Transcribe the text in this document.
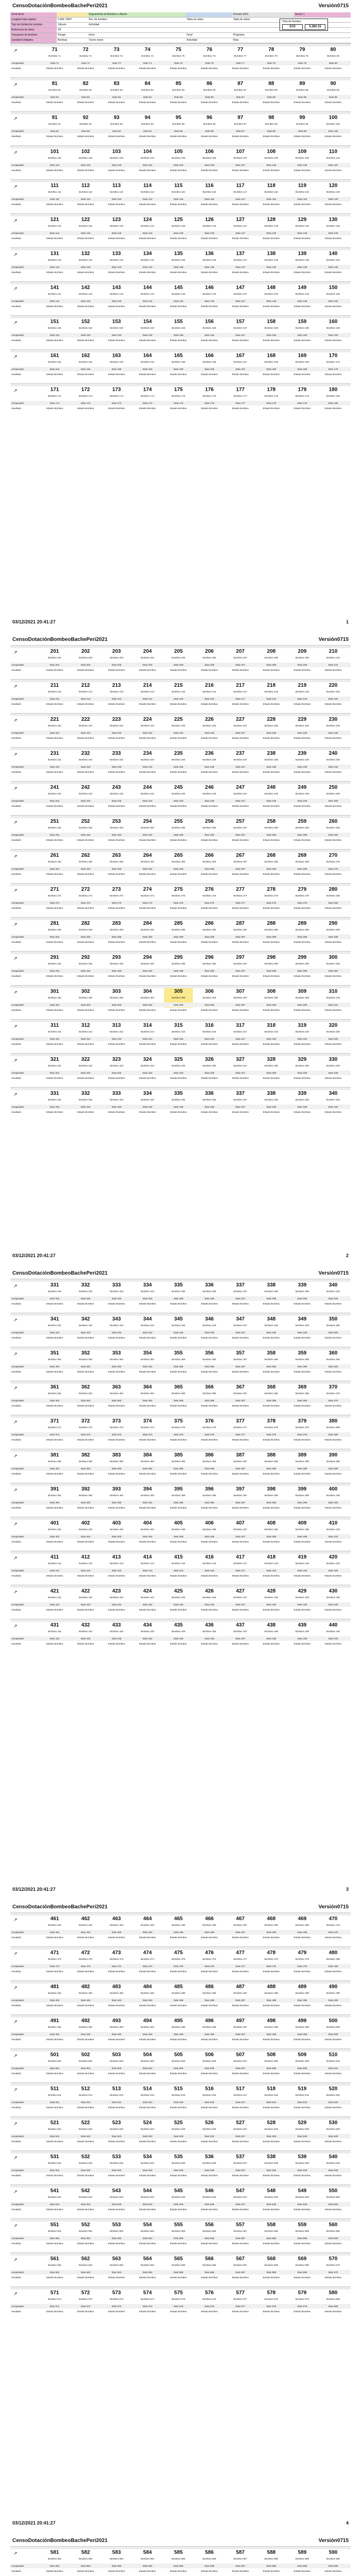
CensoDotaciónBombeoBachePeri2021	Versión0715
Zona Norte	Seguimiento de Bombeo a Bache	Periodo 2021	Sector 1
Longitud total registro	5.464 / 8557	Nro. de bombeo	Tabla de datos	Tabla de datos
Tipo de Unidad de bombeo	Válvula	Actividad
Referencia de datos	SP
Transporte de bombeo	Pasaje	Inicio	Final	Programa
Cantidad Unidades	Bombas	Tramo tramo	Actividad	Ruta
Total de bombeo
2/15	5.382.15
↗
comparador
resultado
71
Bombeo 71
Dato 71
Estado Bombeo
72
Bombeo 72
Dato 72
Estado Bombeo
73
Bombeo 73
Dato 73
Estado Bombeo
74
Bombeo 74
Dato 74
Estado Bombeo
75
Bombeo 75
Dato 75
Estado Bombeo
76
Bombeo 76
Dato 76
Estado Bombeo
77
Bombeo 77
Dato 77
Estado Bombeo
78
Bombeo 78
Dato 78
Estado Bombeo
79
Bombeo 79
Dato 79
Estado Bombeo
80
Bombeo 80
Dato 80
Estado Bombeo
↗
comparador
resultado
81
Bombeo 81
Dato 81
Estado Bombeo
82
Bombeo 82
Dato 82
Estado Bombeo
83
Bombeo 83
Dato 83
Estado Bombeo
84
Bombeo 84
Dato 84
Estado Bombeo
85
Bombeo 85
Dato 85
Estado Bombeo
86
Bombeo 86
Dato 86
Estado Bombeo
87
Bombeo 87
Dato 87
Estado Bombeo
88
Bombeo 88
Dato 88
Estado Bombeo
89
Bombeo 89
Dato 89
Estado Bombeo
90
Bombeo 90
Dato 90
Estado Bombeo
↗
comparador
resultado
91
Bombeo 91
Dato 91
Estado Bombeo
92
Bombeo 92
Dato 92
Estado Bombeo
93
Bombeo 93
Dato 93
Estado Bombeo
94
Bombeo 94
Dato 94
Estado Bombeo
95
Bombeo 95
Dato 95
Estado Bombeo
96
Bombeo 96
Dato 96
Estado Bombeo
97
Bombeo 97
Dato 97
Estado Bombeo
98
Bombeo 98
Dato 98
Estado Bombeo
99
Bombeo 99
Dato 99
Estado Bombeo
100
Bombeo 100
Dato 100
Estado Bombeo
↗
comparador
resultado
101
Bombeo 101
Dato 101
Estado Bombeo
102
Bombeo 102
Dato 102
Estado Bombeo
103
Bombeo 103
Dato 103
Estado Bombeo
104
Bombeo 104
Dato 104
Estado Bombeo
105
Bombeo 105
Dato 105
Estado Bombeo
106
Bombeo 106
Dato 106
Estado Bombeo
107
Bombeo 107
Dato 107
Estado Bombeo
108
Bombeo 108
Dato 108
Estado Bombeo
109
Bombeo 109
Dato 109
Estado Bombeo
110
Bombeo 110
Dato 110
Estado Bombeo
↗
comparador
resultado
111
Bombeo 111
Dato 111
Estado Bombeo
112
Bombeo 112
Dato 112
Estado Bombeo
113
Bombeo 113
Dato 113
Estado Bombeo
114
Bombeo 114
Dato 114
Estado Bombeo
115
Bombeo 115
Dato 115
Estado Bombeo
116
Bombeo 116
Dato 116
Estado Bombeo
117
Bombeo 117
Dato 117
Estado Bombeo
118
Bombeo 118
Dato 118
Estado Bombeo
119
Bombeo 119
Dato 119
Estado Bombeo
120
Bombeo 120
Dato 120
Estado Bombeo
↗
comparador
resultado
121
Bombeo 121
Dato 121
Estado Bombeo
122
Bombeo 122
Dato 122
Estado Bombeo
123
Bombeo 123
Dato 123
Estado Bombeo
124
Bombeo 124
Dato 124
Estado Bombeo
125
Bombeo 125
Dato 125
Estado Bombeo
126
Bombeo 126
Dato 126
Estado Bombeo
127
Bombeo 127
Dato 127
Estado Bombeo
128
Bombeo 128
Dato 128
Estado Bombeo
129
Bombeo 129
Dato 129
Estado Bombeo
130
Bombeo 130
Dato 130
Estado Bombeo
↗
comparador
resultado
131
Bombeo 131
Dato 131
Estado Bombeo
132
Bombeo 132
Dato 132
Estado Bombeo
133
Bombeo 133
Dato 133
Estado Bombeo
134
Bombeo 134
Dato 134
Estado Bombeo
135
Bombeo 135
Dato 135
Estado Bombeo
136
Bombeo 136
Dato 136
Estado Bombeo
137
Bombeo 137
Dato 137
Estado Bombeo
138
Bombeo 138
Dato 138
Estado Bombeo
139
Bombeo 139
Dato 139
Estado Bombeo
140
Bombeo 140
Dato 140
Estado Bombeo
↗
comparador
resultado
141
Bombeo 141
Dato 141
Estado Bombeo
142
Bombeo 142
Dato 142
Estado Bombeo
143
Bombeo 143
Dato 143
Estado Bombeo
144
Bombeo 144
Dato 144
Estado Bombeo
145
Bombeo 145
Dato 145
Estado Bombeo
146
Bombeo 146
Dato 146
Estado Bombeo
147
Bombeo 147
Dato 147
Estado Bombeo
148
Bombeo 148
Dato 148
Estado Bombeo
149
Bombeo 149
Dato 149
Estado Bombeo
150
Bombeo 150
Dato 150
Estado Bombeo
↗
comparador
resultado
151
Bombeo 151
Dato 151
Estado Bombeo
152
Bombeo 152
Dato 152
Estado Bombeo
153
Bombeo 153
Dato 153
Estado Bombeo
154
Bombeo 154
Dato 154
Estado Bombeo
155
Bombeo 155
Dato 155
Estado Bombeo
156
Bombeo 156
Dato 156
Estado Bombeo
157
Bombeo 157
Dato 157
Estado Bombeo
158
Bombeo 158
Dato 158
Estado Bombeo
159
Bombeo 159
Dato 159
Estado Bombeo
160
Bombeo 160
Dato 160
Estado Bombeo
↗
comparador
resultado
161
Bombeo 161
Dato 161
Estado Bombeo
162
Bombeo 162
Dato 162
Estado Bombeo
163
Bombeo 163
Dato 163
Estado Bombeo
164
Bombeo 164
Dato 164
Estado Bombeo
165
Bombeo 165
Dato 165
Estado Bombeo
166
Bombeo 166
Dato 166
Estado Bombeo
167
Bombeo 167
Dato 167
Estado Bombeo
168
Bombeo 168
Dato 168
Estado Bombeo
169
Bombeo 169
Dato 169
Estado Bombeo
170
Bombeo 170
Dato 170
Estado Bombeo
↗
comparador
resultado
171
Bombeo 171
Dato 171
Estado Bombeo
172
Bombeo 172
Dato 172
Estado Bombeo
173
Bombeo 173
Dato 173
Estado Bombeo
174
Bombeo 174
Dato 174
Estado Bombeo
175
Bombeo 175
Dato 175
Estado Bombeo
176
Bombeo 176
Dato 176
Estado Bombeo
177
Bombeo 177
Dato 177
Estado Bombeo
178
Bombeo 178
Dato 178
Estado Bombeo
179
Bombeo 179
Dato 179
Estado Bombeo
180
Bombeo 180
Dato 180
Estado Bombeo
03/12/2021 20:41:27	1
CensoDotaciónBombeoBachePeri2021	Versión0715
↗
comparador
resultado
201
Bombeo 201
Dato 201
Estado Bombeo
202
Bombeo 202
Dato 202
Estado Bombeo
203
Bombeo 203
Dato 203
Estado Bombeo
204
Bombeo 204
Dato 204
Estado Bombeo
205
Bombeo 205
Dato 205
Estado Bombeo
206
Bombeo 206
Dato 206
Estado Bombeo
207
Bombeo 207
Dato 207
Estado Bombeo
208
Bombeo 208
Dato 208
Estado Bombeo
209
Bombeo 209
Dato 209
Estado Bombeo
210
Bombeo 210
Dato 210
Estado Bombeo
↗
comparador
resultado
211
Bombeo 211
Dato 211
Estado Bombeo
212
Bombeo 212
Dato 212
Estado Bombeo
213
Bombeo 213
Dato 213
Estado Bombeo
214
Bombeo 214
Dato 214
Estado Bombeo
215
Bombeo 215
Dato 215
Estado Bombeo
216
Bombeo 216
Dato 216
Estado Bombeo
217
Bombeo 217
Dato 217
Estado Bombeo
218
Bombeo 218
Dato 218
Estado Bombeo
219
Bombeo 219
Dato 219
Estado Bombeo
220
Bombeo 220
Dato 220
Estado Bombeo
↗
comparador
resultado
221
Bombeo 221
Dato 221
Estado Bombeo
222
Bombeo 222
Dato 222
Estado Bombeo
223
Bombeo 223
Dato 223
Estado Bombeo
224
Bombeo 224
Dato 224
Estado Bombeo
225
Bombeo 225
Dato 225
Estado Bombeo
226
Bombeo 226
Dato 226
Estado Bombeo
227
Bombeo 227
Dato 227
Estado Bombeo
228
Bombeo 228
Dato 228
Estado Bombeo
229
Bombeo 229
Dato 229
Estado Bombeo
230
Bombeo 230
Dato 230
Estado Bombeo
↗
comparador
resultado
231
Bombeo 231
Dato 231
Estado Bombeo
232
Bombeo 232
Dato 232
Estado Bombeo
233
Bombeo 233
Dato 233
Estado Bombeo
234
Bombeo 234
Dato 234
Estado Bombeo
235
Bombeo 235
Dato 235
Estado Bombeo
236
Bombeo 236
Dato 236
Estado Bombeo
237
Bombeo 237
Dato 237
Estado Bombeo
238
Bombeo 238
Dato 238
Estado Bombeo
239
Bombeo 239
Dato 239
Estado Bombeo
240
Bombeo 240
Dato 240
Estado Bombeo
↗
comparador
resultado
241
Bombeo 241
Dato 241
Estado Bombeo
242
Bombeo 242
Dato 242
Estado Bombeo
243
Bombeo 243
Dato 243
Estado Bombeo
244
Bombeo 244
Dato 244
Estado Bombeo
245
Bombeo 245
Dato 245
Estado Bombeo
246
Bombeo 246
Dato 246
Estado Bombeo
247
Bombeo 247
Dato 247
Estado Bombeo
248
Bombeo 248
Dato 248
Estado Bombeo
249
Bombeo 249
Dato 249
Estado Bombeo
250
Bombeo 250
Dato 250
Estado Bombeo
↗
comparador
resultado
251
Bombeo 251
Dato 251
Estado Bombeo
252
Bombeo 252
Dato 252
Estado Bombeo
253
Bombeo 253
Dato 253
Estado Bombeo
254
Bombeo 254
Dato 254
Estado Bombeo
255
Bombeo 255
Dato 255
Estado Bombeo
256
Bombeo 256
Dato 256
Estado Bombeo
257
Bombeo 257
Dato 257
Estado Bombeo
258
Bombeo 258
Dato 258
Estado Bombeo
259
Bombeo 259
Dato 259
Estado Bombeo
260
Bombeo 260
Dato 260
Estado Bombeo
↗
comparador
resultado
261
Bombeo 261
Dato 261
Estado Bombeo
262
Bombeo 262
Dato 262
Estado Bombeo
263
Bombeo 263
Dato 263
Estado Bombeo
264
Bombeo 264
Dato 264
Estado Bombeo
265
Bombeo 265
Dato 265
Estado Bombeo
266
Bombeo 266
Dato 266
Estado Bombeo
267
Bombeo 267
Dato 267
Estado Bombeo
268
Bombeo 268
Dato 268
Estado Bombeo
269
Bombeo 269
Dato 269
Estado Bombeo
270
Bombeo 270
Dato 270
Estado Bombeo
↗
comparador
resultado
271
Bombeo 271
Dato 271
Estado Bombeo
272
Bombeo 272
Dato 272
Estado Bombeo
273
Bombeo 273
Dato 273
Estado Bombeo
274
Bombeo 274
Dato 274
Estado Bombeo
275
Bombeo 275
Dato 275
Estado Bombeo
276
Bombeo 276
Dato 276
Estado Bombeo
277
Bombeo 277
Dato 277
Estado Bombeo
278
Bombeo 278
Dato 278
Estado Bombeo
279
Bombeo 279
Dato 279
Estado Bombeo
280
Bombeo 280
Dato 280
Estado Bombeo
↗
comparador
resultado
281
Bombeo 281
Dato 281
Estado Bombeo
282
Bombeo 282
Dato 282
Estado Bombeo
283
Bombeo 283
Dato 283
Estado Bombeo
284
Bombeo 284
Dato 284
Estado Bombeo
285
Bombeo 285
Dato 285
Estado Bombeo
286
Bombeo 286
Dato 286
Estado Bombeo
287
Bombeo 287
Dato 287
Estado Bombeo
288
Bombeo 288
Dato 288
Estado Bombeo
289
Bombeo 289
Dato 289
Estado Bombeo
290
Bombeo 290
Dato 290
Estado Bombeo
↗
comparador
resultado
291
Bombeo 291
Dato 291
Estado Bombeo
292
Bombeo 292
Dato 292
Estado Bombeo
293
Bombeo 293
Dato 293
Estado Bombeo
294
Bombeo 294
Dato 294
Estado Bombeo
295
Bombeo 295
Dato 295
Estado Bombeo
296
Bombeo 296
Dato 296
Estado Bombeo
297
Bombeo 297
Dato 297
Estado Bombeo
298
Bombeo 298
Dato 298
Estado Bombeo
299
Bombeo 299
Dato 299
Estado Bombeo
300
Bombeo 300
Dato 300
Estado Bombeo
↗
comparador
resultado
301
Bombeo 301
Dato 301
Estado Bombeo
302
Bombeo 302
Dato 302
Estado Bombeo
303
Bombeo 303
Dato 303
Estado Bombeo
304
Bombeo 304
Dato 304
Estado Bombeo
305
Bombeo 305
Dato 305
Estado Bombeo
306
Bombeo 306
Dato 306
Estado Bombeo
307
Bombeo 307
Dato 307
Estado Bombeo
308
Bombeo 308
Dato 308
Estado Bombeo
309
Bombeo 309
Dato 309
Estado Bombeo
310
Bombeo 310
Dato 310
Estado Bombeo
↗
comparador
resultado
311
Bombeo 311
Dato 311
Estado Bombeo
312
Bombeo 312
Dato 312
Estado Bombeo
313
Bombeo 313
Dato 313
Estado Bombeo
314
Bombeo 314
Dato 314
Estado Bombeo
315
Bombeo 315
Dato 315
Estado Bombeo
316
Bombeo 316
Dato 316
Estado Bombeo
317
Bombeo 317
Dato 317
Estado Bombeo
318
Bombeo 318
Dato 318
Estado Bombeo
319
Bombeo 319
Dato 319
Estado Bombeo
320
Bombeo 320
Dato 320
Estado Bombeo
↗
comparador
resultado
321
Bombeo 321
Dato 321
Estado Bombeo
322
Bombeo 322
Dato 322
Estado Bombeo
323
Bombeo 323
Dato 323
Estado Bombeo
324
Bombeo 324
Dato 324
Estado Bombeo
325
Bombeo 325
Dato 325
Estado Bombeo
326
Bombeo 326
Dato 326
Estado Bombeo
327
Bombeo 327
Dato 327
Estado Bombeo
328
Bombeo 328
Dato 328
Estado Bombeo
329
Bombeo 329
Dato 329
Estado Bombeo
330
Bombeo 330
Dato 330
Estado Bombeo
↗
comparador
resultado
331
Bombeo 331
Dato 331
Estado Bombeo
332
Bombeo 332
Dato 332
Estado Bombeo
333
Bombeo 333
Dato 333
Estado Bombeo
334
Bombeo 334
Dato 334
Estado Bombeo
335
Bombeo 335
Dato 335
Estado Bombeo
336
Bombeo 336
Dato 336
Estado Bombeo
337
Bombeo 337
Dato 337
Estado Bombeo
338
Bombeo 338
Dato 338
Estado Bombeo
339
Bombeo 339
Dato 339
Estado Bombeo
340
Bombeo 340
Dato 340
Estado Bombeo
03/12/2021 20:41:27	2
CensoDotaciónBombeoBachePeri2021	Versión0715
↗
comparador
resultado
331
Bombeo 331
Dato 331
Estado Bombeo
332
Bombeo 332
Dato 332
Estado Bombeo
333
Bombeo 333
Dato 333
Estado Bombeo
334
Bombeo 334
Dato 334
Estado Bombeo
335
Bombeo 335
Dato 335
Estado Bombeo
336
Bombeo 336
Dato 336
Estado Bombeo
337
Bombeo 337
Dato 337
Estado Bombeo
338
Bombeo 338
Dato 338
Estado Bombeo
339
Bombeo 339
Dato 339
Estado Bombeo
340
Bombeo 340
Dato 340
Estado Bombeo
↗
comparador
resultado
341
Bombeo 341
Dato 341
Estado Bombeo
342
Bombeo 342
Dato 342
Estado Bombeo
343
Bombeo 343
Dato 343
Estado Bombeo
344
Bombeo 344
Dato 344
Estado Bombeo
345
Bombeo 345
Dato 345
Estado Bombeo
346
Bombeo 346
Dato 346
Estado Bombeo
347
Bombeo 347
Dato 347
Estado Bombeo
348
Bombeo 348
Dato 348
Estado Bombeo
349
Bombeo 349
Dato 349
Estado Bombeo
350
Bombeo 350
Dato 350
Estado Bombeo
↗
comparador
resultado
351
Bombeo 351
Dato 351
Estado Bombeo
352
Bombeo 352
Dato 352
Estado Bombeo
353
Bombeo 353
Dato 353
Estado Bombeo
354
Bombeo 354
Dato 354
Estado Bombeo
355
Bombeo 355
Dato 355
Estado Bombeo
356
Bombeo 356
Dato 356
Estado Bombeo
357
Bombeo 357
Dato 357
Estado Bombeo
358
Bombeo 358
Dato 358
Estado Bombeo
359
Bombeo 359
Dato 359
Estado Bombeo
360
Bombeo 360
Dato 360
Estado Bombeo
↗
comparador
resultado
361
Bombeo 361
Dato 361
Estado Bombeo
362
Bombeo 362
Dato 362
Estado Bombeo
363
Bombeo 363
Dato 363
Estado Bombeo
364
Bombeo 364
Dato 364
Estado Bombeo
365
Bombeo 365
Dato 365
Estado Bombeo
366
Bombeo 366
Dato 366
Estado Bombeo
367
Bombeo 367
Dato 367
Estado Bombeo
368
Bombeo 368
Dato 368
Estado Bombeo
369
Bombeo 369
Dato 369
Estado Bombeo
370
Bombeo 370
Dato 370
Estado Bombeo
↗
comparador
resultado
371
Bombeo 371
Dato 371
Estado Bombeo
372
Bombeo 372
Dato 372
Estado Bombeo
373
Bombeo 373
Dato 373
Estado Bombeo
374
Bombeo 374
Dato 374
Estado Bombeo
375
Bombeo 375
Dato 375
Estado Bombeo
376
Bombeo 376
Dato 376
Estado Bombeo
377
Bombeo 377
Dato 377
Estado Bombeo
378
Bombeo 378
Dato 378
Estado Bombeo
379
Bombeo 379
Dato 379
Estado Bombeo
380
Bombeo 380
Dato 380
Estado Bombeo
↗
comparador
resultado
381
Bombeo 381
Dato 381
Estado Bombeo
382
Bombeo 382
Dato 382
Estado Bombeo
383
Bombeo 383
Dato 383
Estado Bombeo
384
Bombeo 384
Dato 384
Estado Bombeo
385
Bombeo 385
Dato 385
Estado Bombeo
386
Bombeo 386
Dato 386
Estado Bombeo
387
Bombeo 387
Dato 387
Estado Bombeo
388
Bombeo 388
Dato 388
Estado Bombeo
389
Bombeo 389
Dato 389
Estado Bombeo
390
Bombeo 390
Dato 390
Estado Bombeo
↗
comparador
resultado
391
Bombeo 391
Dato 391
Estado Bombeo
392
Bombeo 392
Dato 392
Estado Bombeo
393
Bombeo 393
Dato 393
Estado Bombeo
394
Bombeo 394
Dato 394
Estado Bombeo
395
Bombeo 395
Dato 395
Estado Bombeo
396
Bombeo 396
Dato 396
Estado Bombeo
397
Bombeo 397
Dato 397
Estado Bombeo
398
Bombeo 398
Dato 398
Estado Bombeo
399
Bombeo 399
Dato 399
Estado Bombeo
400
Bombeo 400
Dato 400
Estado Bombeo
↗
comparador
resultado
401
Bombeo 401
Dato 401
Estado Bombeo
402
Bombeo 402
Dato 402
Estado Bombeo
403
Bombeo 403
Dato 403
Estado Bombeo
404
Bombeo 404
Dato 404
Estado Bombeo
405
Bombeo 405
Dato 405
Estado Bombeo
406
Bombeo 406
Dato 406
Estado Bombeo
407
Bombeo 407
Dato 407
Estado Bombeo
408
Bombeo 408
Dato 408
Estado Bombeo
409
Bombeo 409
Dato 409
Estado Bombeo
410
Bombeo 410
Dato 410
Estado Bombeo
↗
comparador
resultado
411
Bombeo 411
Dato 411
Estado Bombeo
412
Bombeo 412
Dato 412
Estado Bombeo
413
Bombeo 413
Dato 413
Estado Bombeo
414
Bombeo 414
Dato 414
Estado Bombeo
415
Bombeo 415
Dato 415
Estado Bombeo
416
Bombeo 416
Dato 416
Estado Bombeo
417
Bombeo 417
Dato 417
Estado Bombeo
418
Bombeo 418
Dato 418
Estado Bombeo
419
Bombeo 419
Dato 419
Estado Bombeo
420
Bombeo 420
Dato 420
Estado Bombeo
↗
comparador
resultado
421
Bombeo 421
Dato 421
Estado Bombeo
422
Bombeo 422
Dato 422
Estado Bombeo
423
Bombeo 423
Dato 423
Estado Bombeo
424
Bombeo 424
Dato 424
Estado Bombeo
425
Bombeo 425
Dato 425
Estado Bombeo
426
Bombeo 426
Dato 426
Estado Bombeo
427
Bombeo 427
Dato 427
Estado Bombeo
428
Bombeo 428
Dato 428
Estado Bombeo
429
Bombeo 429
Dato 429
Estado Bombeo
430
Bombeo 430
Dato 430
Estado Bombeo
↗
comparador
resultado
431
Bombeo 431
Dato 431
Estado Bombeo
432
Bombeo 432
Dato 432
Estado Bombeo
433
Bombeo 433
Dato 433
Estado Bombeo
434
Bombeo 434
Dato 434
Estado Bombeo
435
Bombeo 435
Dato 435
Estado Bombeo
436
Bombeo 436
Dato 436
Estado Bombeo
437
Bombeo 437
Dato 437
Estado Bombeo
438
Bombeo 438
Dato 438
Estado Bombeo
439
Bombeo 439
Dato 439
Estado Bombeo
440
Bombeo 440
Dato 440
Estado Bombeo
03/12/2021 20:41:27	3
CensoDotaciónBombeoBachePeri2021	Versión0715
↗
comparador
resultado
461
Bombeo 461
Dato 461
Estado Bombeo
462
Bombeo 462
Dato 462
Estado Bombeo
463
Bombeo 463
Dato 463
Estado Bombeo
464
Bombeo 464
Dato 464
Estado Bombeo
465
Bombeo 465
Dato 465
Estado Bombeo
466
Bombeo 466
Dato 466
Estado Bombeo
467
Bombeo 467
Dato 467
Estado Bombeo
468
Bombeo 468
Dato 468
Estado Bombeo
469
Bombeo 469
Dato 469
Estado Bombeo
470
Bombeo 470
Dato 470
Estado Bombeo
↗
comparador
resultado
471
Bombeo 471
Dato 471
Estado Bombeo
472
Bombeo 472
Dato 472
Estado Bombeo
473
Bombeo 473
Dato 473
Estado Bombeo
474
Bombeo 474
Dato 474
Estado Bombeo
475
Bombeo 475
Dato 475
Estado Bombeo
476
Bombeo 476
Dato 476
Estado Bombeo
477
Bombeo 477
Dato 477
Estado Bombeo
478
Bombeo 478
Dato 478
Estado Bombeo
479
Bombeo 479
Dato 479
Estado Bombeo
480
Bombeo 480
Dato 480
Estado Bombeo
↗
comparador
resultado
481
Bombeo 481
Dato 481
Estado Bombeo
482
Bombeo 482
Dato 482
Estado Bombeo
483
Bombeo 483
Dato 483
Estado Bombeo
484
Bombeo 484
Dato 484
Estado Bombeo
485
Bombeo 485
Dato 485
Estado Bombeo
486
Bombeo 486
Dato 486
Estado Bombeo
487
Bombeo 487
Dato 487
Estado Bombeo
488
Bombeo 488
Dato 488
Estado Bombeo
489
Bombeo 489
Dato 489
Estado Bombeo
490
Bombeo 490
Dato 490
Estado Bombeo
↗
comparador
resultado
491
Bombeo 491
Dato 491
Estado Bombeo
492
Bombeo 492
Dato 492
Estado Bombeo
493
Bombeo 493
Dato 493
Estado Bombeo
494
Bombeo 494
Dato 494
Estado Bombeo
495
Bombeo 495
Dato 495
Estado Bombeo
496
Bombeo 496
Dato 496
Estado Bombeo
497
Bombeo 497
Dato 497
Estado Bombeo
498
Bombeo 498
Dato 498
Estado Bombeo
499
Bombeo 499
Dato 499
Estado Bombeo
500
Bombeo 500
Dato 500
Estado Bombeo
↗
comparador
resultado
501
Bombeo 501
Dato 501
Estado Bombeo
502
Bombeo 502
Dato 502
Estado Bombeo
503
Bombeo 503
Dato 503
Estado Bombeo
504
Bombeo 504
Dato 504
Estado Bombeo
505
Bombeo 505
Dato 505
Estado Bombeo
506
Bombeo 506
Dato 506
Estado Bombeo
507
Bombeo 507
Dato 507
Estado Bombeo
508
Bombeo 508
Dato 508
Estado Bombeo
509
Bombeo 509
Dato 509
Estado Bombeo
510
Bombeo 510
Dato 510
Estado Bombeo
↗
comparador
resultado
511
Bombeo 511
Dato 511
Estado Bombeo
512
Bombeo 512
Dato 512
Estado Bombeo
513
Bombeo 513
Dato 513
Estado Bombeo
514
Bombeo 514
Dato 514
Estado Bombeo
515
Bombeo 515
Dato 515
Estado Bombeo
516
Bombeo 516
Dato 516
Estado Bombeo
517
Bombeo 517
Dato 517
Estado Bombeo
518
Bombeo 518
Dato 518
Estado Bombeo
519
Bombeo 519
Dato 519
Estado Bombeo
520
Bombeo 520
Dato 520
Estado Bombeo
↗
comparador
resultado
521
Bombeo 521
Dato 521
Estado Bombeo
522
Bombeo 522
Dato 522
Estado Bombeo
523
Bombeo 523
Dato 523
Estado Bombeo
524
Bombeo 524
Dato 524
Estado Bombeo
525
Bombeo 525
Dato 525
Estado Bombeo
526
Bombeo 526
Dato 526
Estado Bombeo
527
Bombeo 527
Dato 527
Estado Bombeo
528
Bombeo 528
Dato 528
Estado Bombeo
529
Bombeo 529
Dato 529
Estado Bombeo
530
Bombeo 530
Dato 530
Estado Bombeo
↗
comparador
resultado
531
Bombeo 531
Dato 531
Estado Bombeo
532
Bombeo 532
Dato 532
Estado Bombeo
533
Bombeo 533
Dato 533
Estado Bombeo
534
Bombeo 534
Dato 534
Estado Bombeo
535
Bombeo 535
Dato 535
Estado Bombeo
536
Bombeo 536
Dato 536
Estado Bombeo
537
Bombeo 537
Dato 537
Estado Bombeo
538
Bombeo 538
Dato 538
Estado Bombeo
539
Bombeo 539
Dato 539
Estado Bombeo
540
Bombeo 540
Dato 540
Estado Bombeo
↗
comparador
resultado
541
Bombeo 541
Dato 541
Estado Bombeo
542
Bombeo 542
Dato 542
Estado Bombeo
543
Bombeo 543
Dato 543
Estado Bombeo
544
Bombeo 544
Dato 544
Estado Bombeo
545
Bombeo 545
Dato 545
Estado Bombeo
546
Bombeo 546
Dato 546
Estado Bombeo
547
Bombeo 547
Dato 547
Estado Bombeo
548
Bombeo 548
Dato 548
Estado Bombeo
549
Bombeo 549
Dato 549
Estado Bombeo
550
Bombeo 550
Dato 550
Estado Bombeo
↗
comparador
resultado
551
Bombeo 551
Dato 551
Estado Bombeo
552
Bombeo 552
Dato 552
Estado Bombeo
553
Bombeo 553
Dato 553
Estado Bombeo
554
Bombeo 554
Dato 554
Estado Bombeo
555
Bombeo 555
Dato 555
Estado Bombeo
556
Bombeo 556
Dato 556
Estado Bombeo
557
Bombeo 557
Dato 557
Estado Bombeo
558
Bombeo 558
Dato 558
Estado Bombeo
559
Bombeo 559
Dato 559
Estado Bombeo
560
Bombeo 560
Dato 560
Estado Bombeo
↗
comparador
resultado
561
Bombeo 561
Dato 561
Estado Bombeo
562
Bombeo 562
Dato 562
Estado Bombeo
563
Bombeo 563
Dato 563
Estado Bombeo
564
Bombeo 564
Dato 564
Estado Bombeo
565
Bombeo 565
Dato 565
Estado Bombeo
566
Bombeo 566
Dato 566
Estado Bombeo
567
Bombeo 567
Dato 567
Estado Bombeo
568
Bombeo 568
Dato 568
Estado Bombeo
569
Bombeo 569
Dato 569
Estado Bombeo
570
Bombeo 570
Dato 570
Estado Bombeo
↗
comparador
resultado
571
Bombeo 571
Dato 571
Estado Bombeo
572
Bombeo 572
Dato 572
Estado Bombeo
573
Bombeo 573
Dato 573
Estado Bombeo
574
Bombeo 574
Dato 574
Estado Bombeo
575
Bombeo 575
Dato 575
Estado Bombeo
576
Bombeo 576
Dato 576
Estado Bombeo
577
Bombeo 577
Dato 577
Estado Bombeo
578
Bombeo 578
Dato 578
Estado Bombeo
579
Bombeo 579
Dato 579
Estado Bombeo
580
Bombeo 580
Dato 580
Estado Bombeo
03/12/2021 20:41:27	4
CensoDotaciónBombeoBachePeri2021	Versión0715
↗
comparador
resultado
581
Bombeo 581
Dato 581
Estado Bombeo
582
Bombeo 582
Dato 582
Estado Bombeo
583
Bombeo 583
Dato 583
Estado Bombeo
584
Bombeo 584
Dato 584
Estado Bombeo
585
Bombeo 585
Dato 585
Estado Bombeo
586
Bombeo 586
Dato 586
Estado Bombeo
587
Bombeo 587
Dato 587
Estado Bombeo
588
Bombeo 588
Dato 588
Estado Bombeo
589
Bombeo 589
Dato 589
Estado Bombeo
590
Bombeo 590
Dato 590
Estado Bombeo
